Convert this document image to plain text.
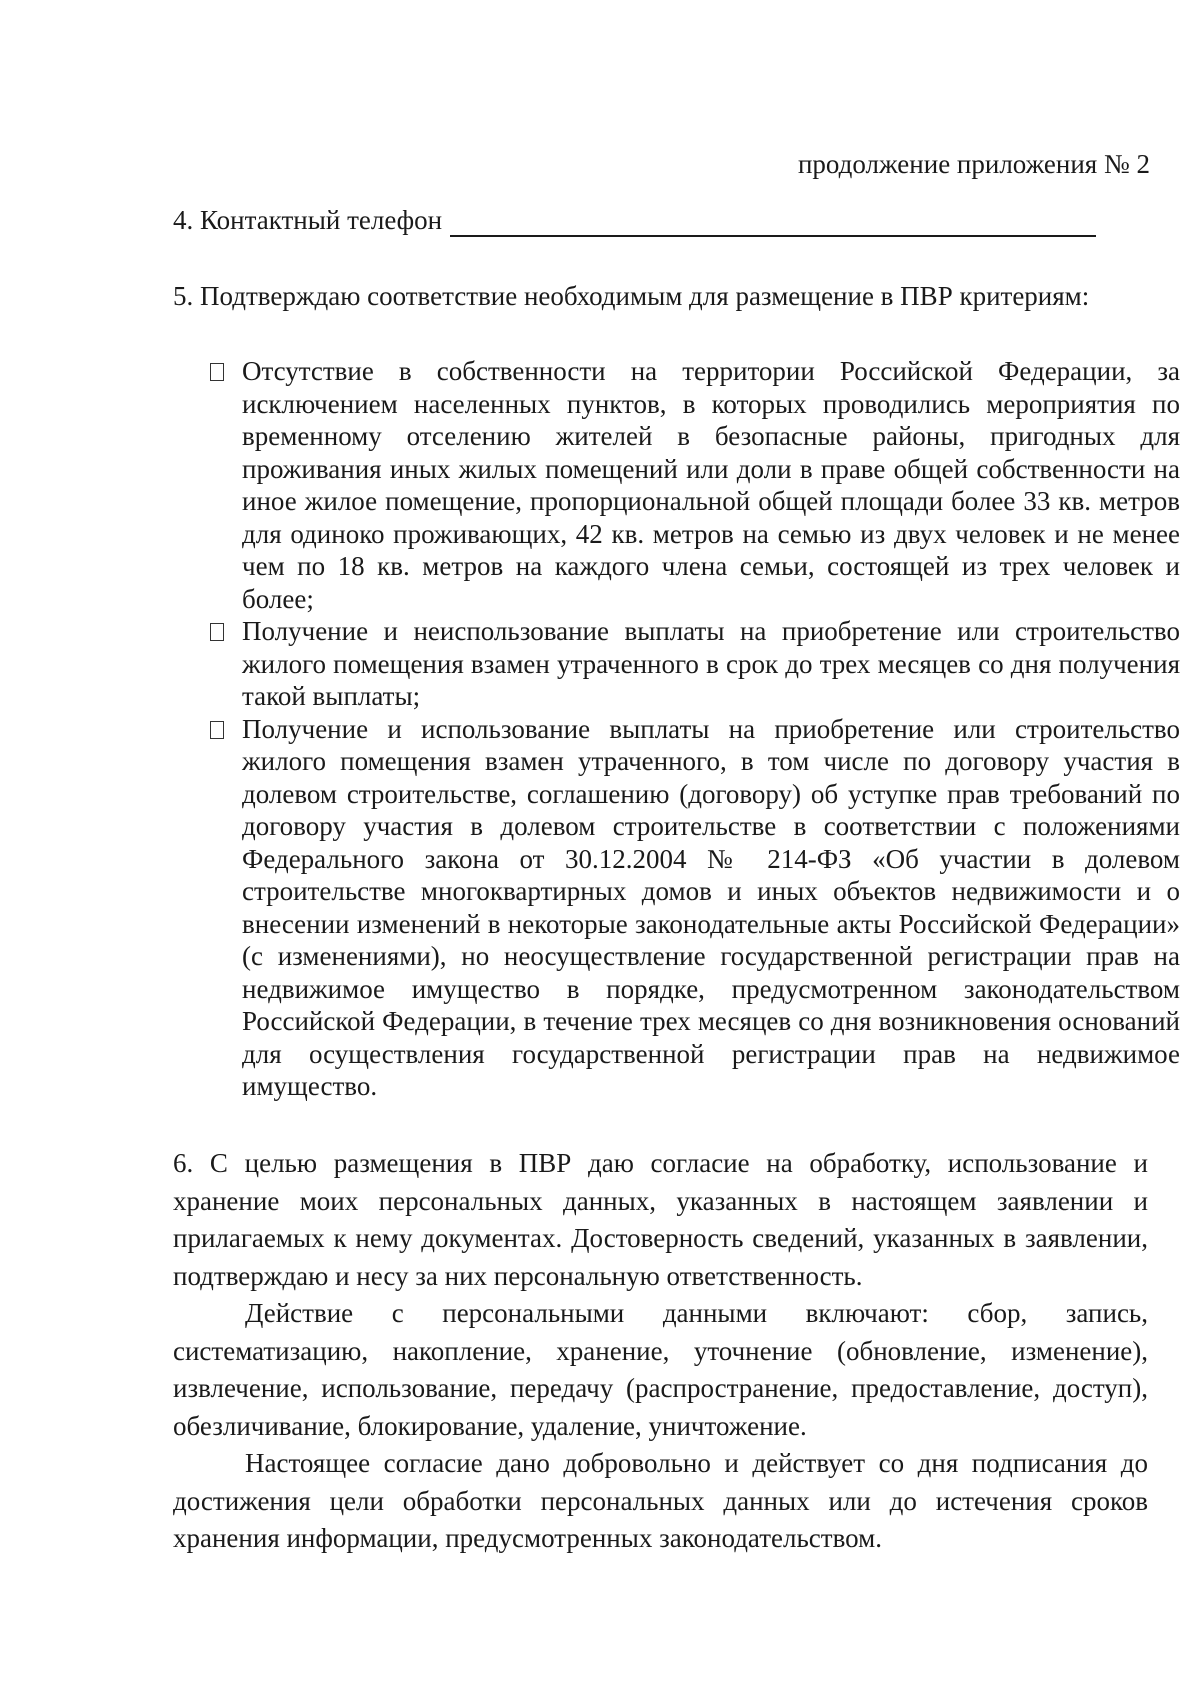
продолжение приложения № 2
4. Контактный телефон
5. Подтверждаю соответствие необходимым для размещение в ПВР критериям:
Отсутствие в собственности на территории Российской Федерации, за исключением населенных пунктов, в которых проводились мероприятия по временному отселению жителей в безопасные районы, пригодных для проживания иных жилых помещений или доли в праве общей собственности на иное жилое помещение, пропорциональной общей площади более 33 кв. метров для одиноко проживающих, 42 кв. метров на семью из двух человек и не менее чем по 18 кв. метров на каждого члена семьи, состоящей из трех человек и более;
Получение и неиспользование выплаты на приобретение или строительство жилого помещения взамен утраченного в срок до трех месяцев со дня получения такой выплаты;
Получение и использование выплаты на приобретение или строительство жилого помещения взамен утраченного, в том числе по договору участия в долевом строительстве, соглашению (договору) об уступке прав требований по договору участия в долевом строительстве в соответствии с положениями Федерального закона от 30.12.2004 № 214-ФЗ «Об участии в долевом строительстве многоквартирных домов и иных объектов недвижимости и о внесении изменений в некоторые законодательные акты Российской Федерации» (с изменениями), но неосуществление государственной регистрации прав на недвижимое имущество в порядке, предусмотренном законодательством Российской Федерации, в течение трех месяцев со дня возникновения оснований для осуществления государственной регистрации прав на недвижимое имущество.

6. С целью размещения в ПВР даю согласие на обработку, использование и хранение моих персональных данных, указанных в настоящем заявлении и прилагаемых к нему документах. Достоверность сведений, указанных в заявлении, подтверждаю и несу за них персональную ответственность.

Действие с персональными данными включают: сбор, запись, систематизацию, накопление, хранение, уточнение (обновление, изменение), извлечение, использование, передачу (распространение, предоставление, доступ), обезличивание, блокирование, удаление, уничтожение.

Настоящее согласие дано добровольно и действует со дня подписания до достижения цели обработки персональных данных или до истечения сроков хранения информации, предусмотренных законодательством.
